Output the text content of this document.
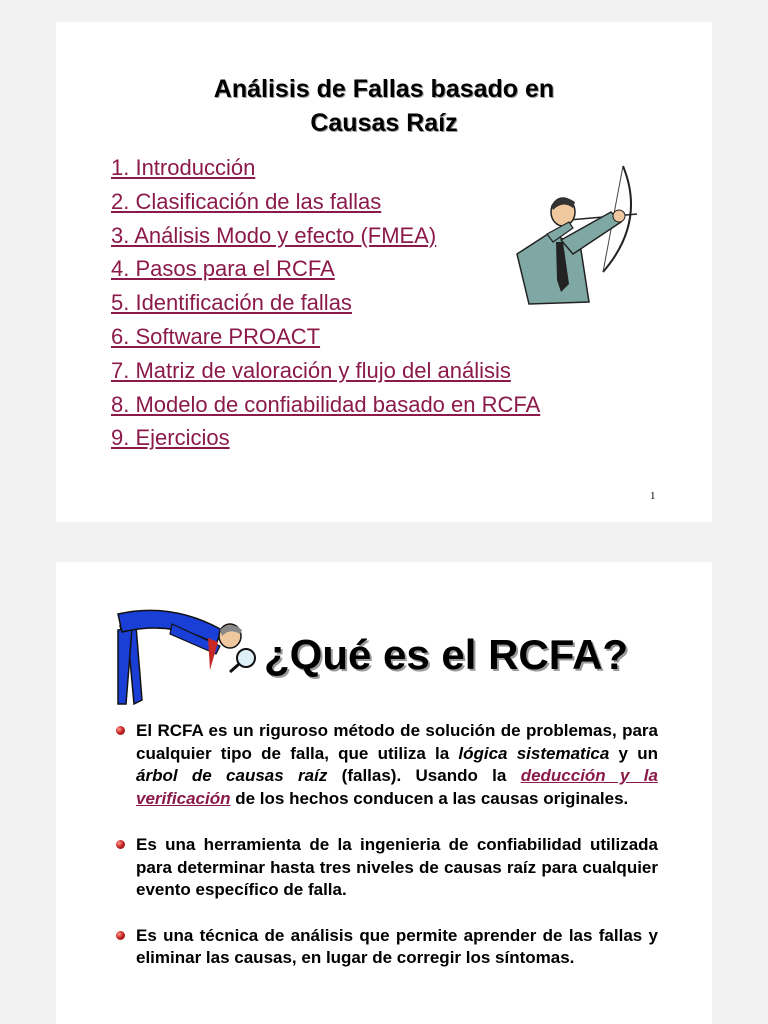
Análisis de Fallas basado en
Causas Raíz
1. Introducción
2. Clasificación de las fallas
3. Análisis Modo y efecto (FMEA)
4. Pasos para el RCFA
5. Identificación de fallas
6. Software PROACT
7. Matriz de valoración y flujo del análisis
8. Modelo de confiabilidad basado en RCFA
9. Ejercicios
1
¿Qué es el RCFA?
El RCFA es un riguroso método de solución de problemas, para cualquier tipo de falla, que utiliza la lógica sistematica y un árbol de causas raíz (fallas). Usando la deducción y la verificación de los hechos conducen a las causas originales.
Es una herramienta de la ingenieria de confiabilidad utilizada para determinar hasta tres niveles de causas raíz para cualquier evento específico de falla.
Es una técnica de análisis que permite aprender de las fallas y eliminar las causas, en lugar de corregir los síntomas.
